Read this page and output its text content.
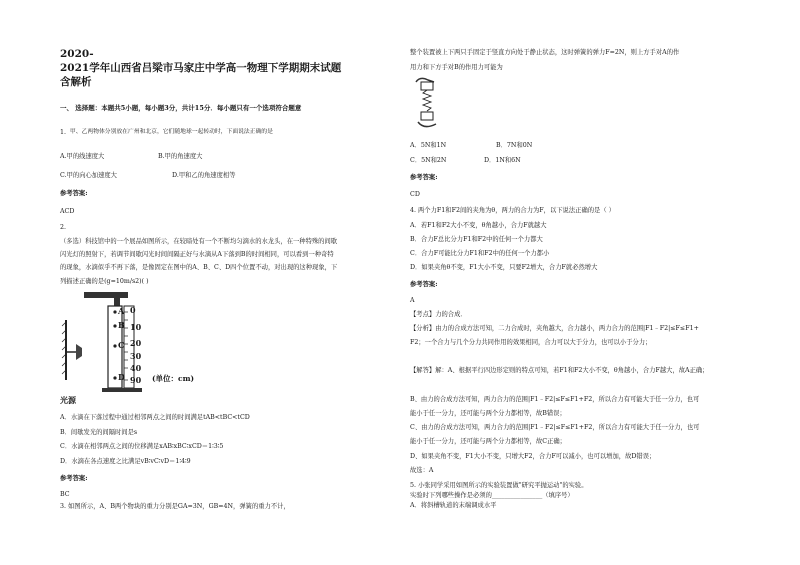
2020-
2021学年山西省吕梁市马家庄中学高一物理下学期期末试题
含解析
一、 选择题：本题共5小题，每小题3分，共计15分．每小题只有一个选项符合题意
1. 甲、乙两物体分别放在广州和北京，它们随地球一起转动时，下面说法正确的是
A.甲的线速度大	B.甲的角速度大
C.甲的向心加速度大	D.甲和乙的角速度相等
参考答案:
ACD
2.
（多选）科技馆中的一个展品如图所示，在较暗处有一个不断均匀滴水的水龙头，在一种特殊的间歇
闪光灯的照射下，若调节间歇闪光时间间隔正好与水滴从A下落到B的时间相同，可以看到一种奇特
的现象，水滴似乎不再下落，是像固定在图中的A、B、C、D四个位置不动，对出现的这种现象，下
列描述正确的是(g=10m/s2)( )
A
B
C
D
0
10
20
30
40
90 (单位：cm)
光源
A．水滴在下落过程中通过相邻两点之间的时间满足tAB<tBC<tCD
B．间歇发光的间隔时间是s
C．水滴在相邻两点之间的位移满足xAB∶xBC∶xCD＝1∶3∶5
D．水滴在各点速度之比满足vB∶vC∶vD＝1∶4∶9
参考答案:
BC
3. 如图所示，A、B两个物块的重力分别是GA=3N，GB=4N，弹簧的重力不计，
整个装置被上下两只手固定于竖直方向处于静止状态，这时弹簧的弹力F=2N，则上方手对A的作
用力和下方手对B的作用力可能为
A．5N和1N	B．7N和0N
C．5N和2N	D．1N和6N
参考答案:
CD
4. 两个力F1和F2间的夹角为θ，两力的合力为F，以下说法正确的是（ ）
A．若F1和F2大小不变，θ角越小，合力F就越大
B．合力F总比分力F1和F2中的任何一个力都大
C．合力F可能比分力F1和F2中的任何一个力都小
D．如果夹角θ不变，F1大小不变，只要F2增大，合力F就必然增大
参考答案:
A
【考点】力的合成．
【分析】由力的合成方法可知，二力合成时，夹角越大，合力越小，两力合力的范围|F1﹣F2|≤F≤F1+
F2；一个合力与几个分力共同作用的效果相同，合力可以大于分力，也可以小于分力；
【解答】解：A、根据平行四边形定则的特点可知，若F1和F2大小不变，θ角越小，合力F越大，故A正确；
B、由力的合成方法可知，两力合力的范围|F1﹣F2|≤F≤F1+F2，所以合力有可能大于任一分力，也可
能小于任一分力，还可能与两个分力都相等，故B错误；
C、由力的合成方法可知，两力合力的范围|F1﹣F2|≤F≤F1+F2，所以合力有可能大于任一分力，也可
能小于任一分力，还可能与两个分力都相等，故C正确；
D、如果夹角不变，F1大小不变，只增大F2，合力F可以减小，也可以增加，故D错误；
故选：A
5. 小张同学采用如图所示的实验装置做"研究平抛运动"的实验。
实验时下列哪些操作是必须的________________（填序号）
A．将斜槽轨道的末端调成水平
